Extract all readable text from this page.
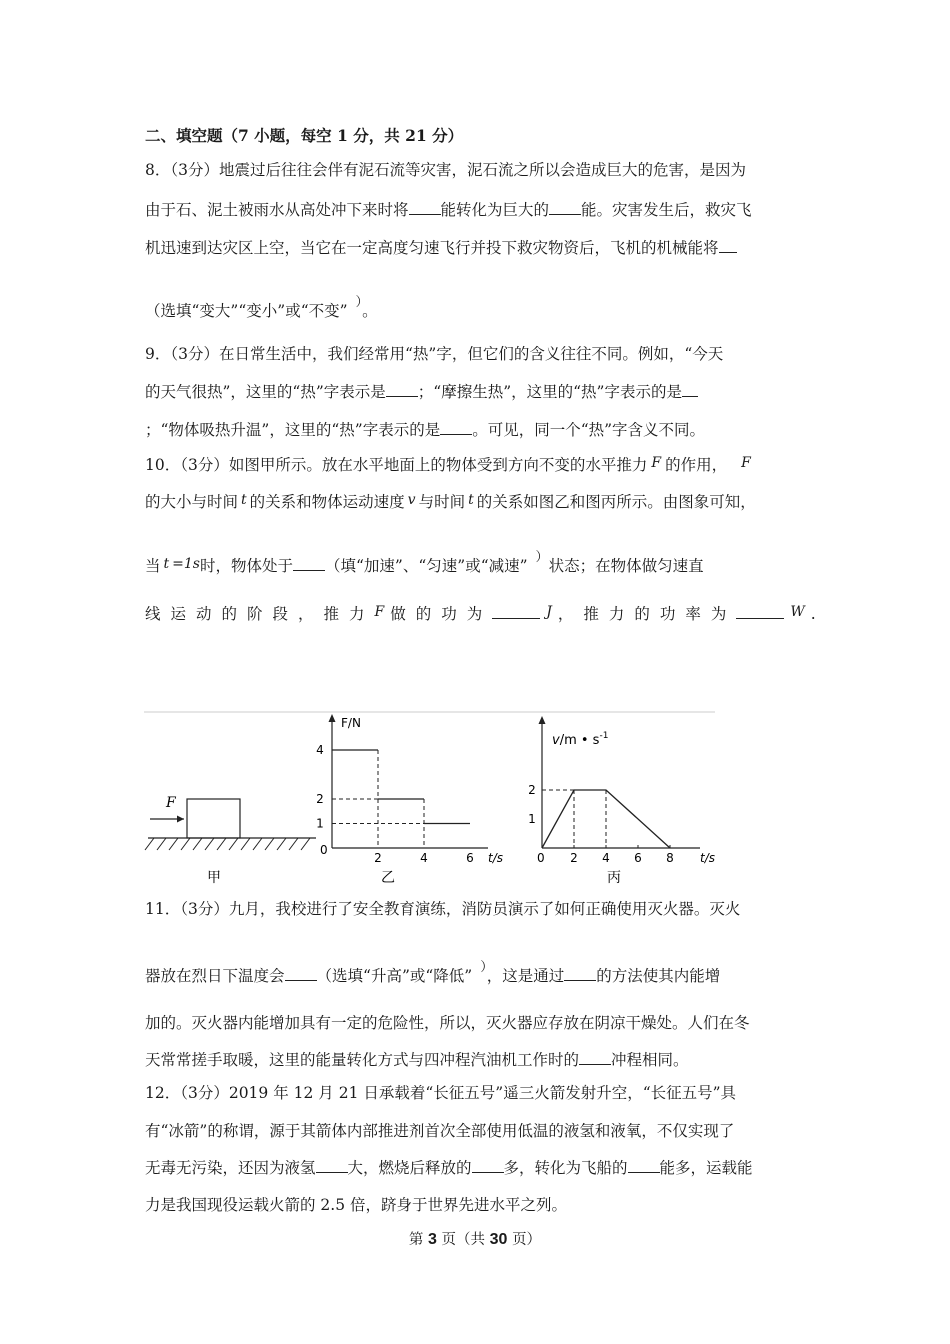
二、填空题（7 小题，每空 1 分，共 21 分）
8．（3分）地震过后往往会伴有泥石流等灾害，泥石流之所以会造成巨大的危害，是因为
由于石、泥土被雨水从高处冲下来时将 能转化为巨大的 能。灾害发生后，救灾飞
机迅速到达灾区上空，当它在一定高度匀速飞行并投下救灾物资后，飞机的机械能将
（选填“变大”“变小”或“不变” ）。
9．（3分）在日常生活中，我们经常用“热”字，但它们的含义往往不同。例如，“今天
的天气很热”，这里的“热”字表示是 ；“摩擦生热”，这里的“热”字表示的是
；“物体吸热升温”，这里的“热”字表示的是 。可见，同一个“热”字含义不同。
10．（3分）如图甲所示。放在水平地面上的物体受到方向不变的水平推力 F 的作用， F
的大小与时间 t 的关系和物体运动速度 v 与时间 t 的关系如图乙和图丙所示。由图象可知，
当 t =1s时，物体处于 （填“加速”、“匀速”或“减速” ）状态；在物体做匀速直
线运动的阶段，推力F 做的功为	J ，推力的功率为	W .
F
甲
F/N
t/s
0
4
2
1
2	4	6
乙
v/m • $s^{-1}$
t/s
0
2
1
2 4 6 8
丙
11．（3分）九月，我校进行了安全教育演练，消防员演示了如何正确使用灭火器。灭火
器放在烈日下温度会 （选填“升高”或“降低” ），这是通过 的方法使其内能增
加的。灭火器内能增加具有一定的危险性，所以，灭火器应存放在阴凉干燥处。人们在冬
天常常搓手取暖，这里的能量转化方式与四冲程汽油机工作时的 冲程相同。
12．（3分）2019 年 12 月 21 日承载着“长征五号”遥三火箭发射升空，“长征五号”具
有“冰箭”的称谓，源于其箭体内部推进剂首次全部使用低温的液氢和液氧，不仅实现了
无毒无污染，还因为液氢 大，燃烧后释放的 多，转化为飞船的 能多，运载能
力是我国现役运载火箭的 2.5 倍，跻身于世界先进水平之列。
第 3 页（共 30 页）
